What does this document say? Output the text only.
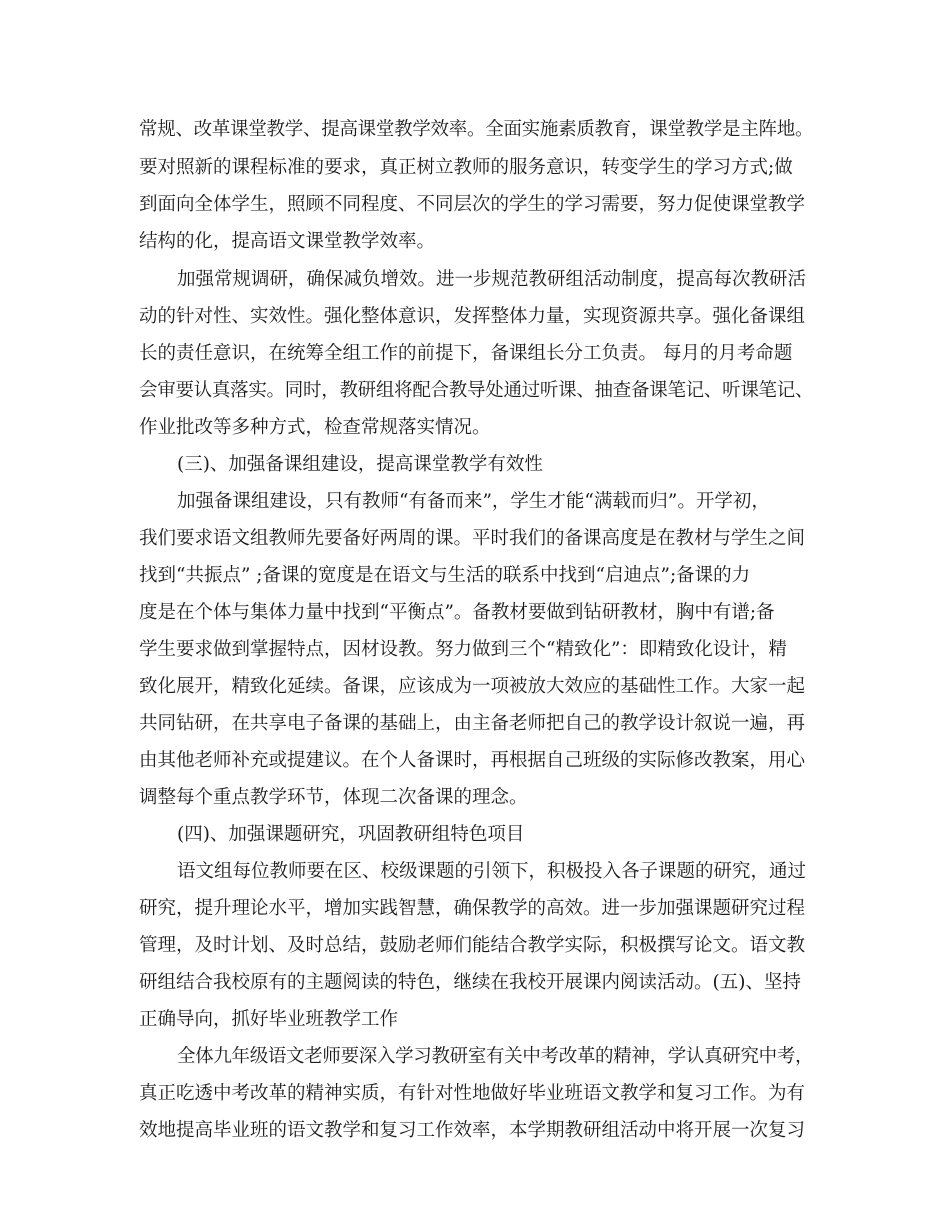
常规、改革课堂教学、提高课堂教学效率。全面实施素质教育，课堂教学是主阵地。
要对照新的课程标准的要求，真正树立教师的服务意识，转变学生的学习方式;做
到面向全体学生，照顾不同程度、不同层次的学生的学习需要，努力促使课堂教学
结构的化，提高语文课堂教学效率。
加强常规调研，确保减负增效。进一步规范教研组活动制度，提高每次教研活
动的针对性、实效性。强化整体意识，发挥整体力量，实现资源共享。强化备课组
长的责任意识，在统筹全组工作的前提下，备课组长分工负责。 每月的月考命题
会审要认真落实。同时，教研组将配合教导处通过听课、抽查备课笔记、听课笔记、
作业批改等多种方式，检查常规落实情况。
(三)、加强备课组建设，提高课堂教学有效性
加强备课组建设，只有教师“有备而来”，学生才能“满载而归”。开学初，
我们要求语文组教师先要备好两周的课。平时我们的备课高度是在教材与学生之间
找到“共振点” ;备课的宽度是在语文与生活的联系中找到“启迪点”;备课的力
度是在个体与集体力量中找到“平衡点”。备教材要做到钻研教材，胸中有谱;备
学生要求做到掌握特点，因材设教。努力做到三个“精致化”：即精致化设计，精
致化展开，精致化延续。备课，应该成为一项被放大效应的基础性工作。大家一起
共同钻研，在共享电子备课的基础上，由主备老师把自己的教学设计叙说一遍，再
由其他老师补充或提建议。在个人备课时，再根据自己班级的实际修改教案，用心
调整每个重点教学环节，体现二次备课的理念。
(四)、加强课题研究，巩固教研组特色项目
语文组每位教师要在区、校级课题的引领下，积极投入各子课题的研究，通过
研究，提升理论水平，增加实践智慧，确保教学的高效。进一步加强课题研究过程
管理，及时计划、及时总结，鼓励老师们能结合教学实际，积极撰写论文。语文教
研组结合我校原有的主题阅读的特色，继续在我校开展课内阅读活动。(五)、坚持
正确导向，抓好毕业班教学工作
全体九年级语文老师要深入学习教研室有关中考改革的精神，学认真研究中考，
真正吃透中考改革的精神实质，有针对性地做好毕业班语文教学和复习工作。为有
效地提高毕业班的语文教学和复习工作效率，本学期教研组活动中将开展一次复习
